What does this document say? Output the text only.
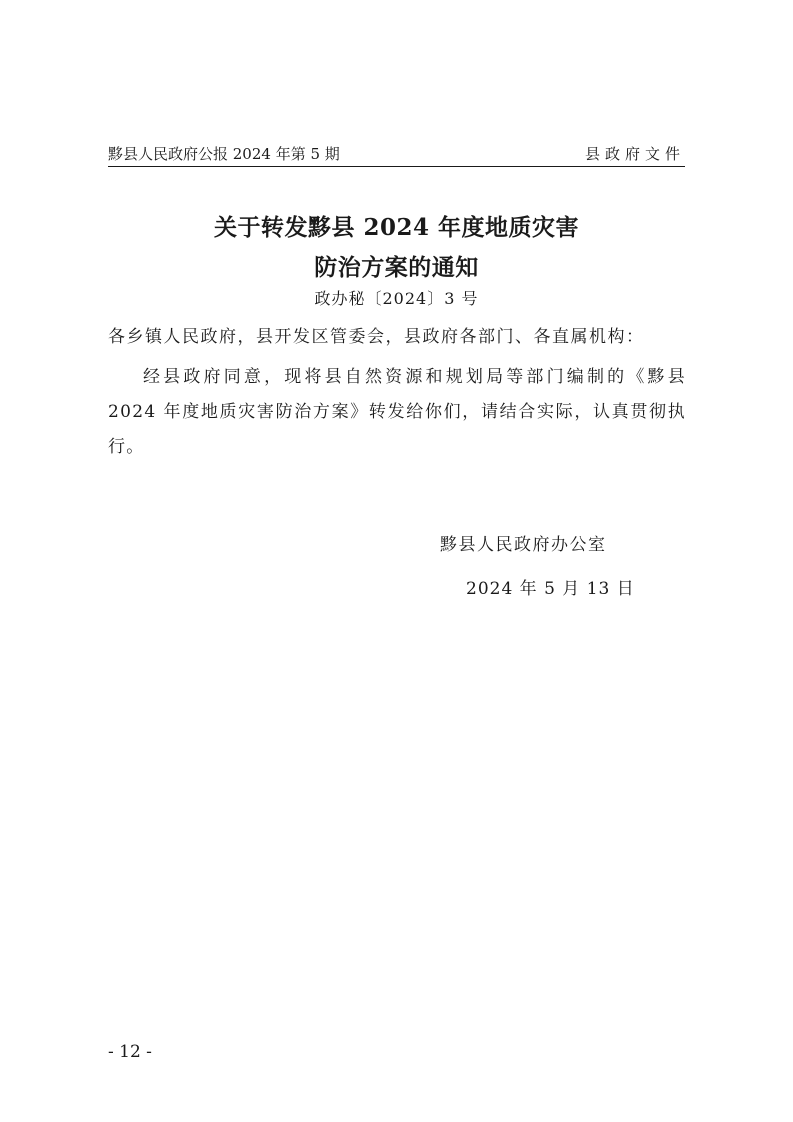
黟县人民政府公报 2024 年第 5 期	县政府文件
关于转发黟县 2024 年度地质灾害
防治方案的通知
政办秘〔2024〕3 号
各乡镇人民政府，县开发区管委会，县政府各部门、各直属机构：

经县政府同意，现将县自然资源和规划局等部门编制的《黟县 2024 年度地质灾害防治方案》转发给你们，请结合实际，认真贯彻执行。

黟县人民政府办公室
2024 年 5 月 13 日
- 12 -
